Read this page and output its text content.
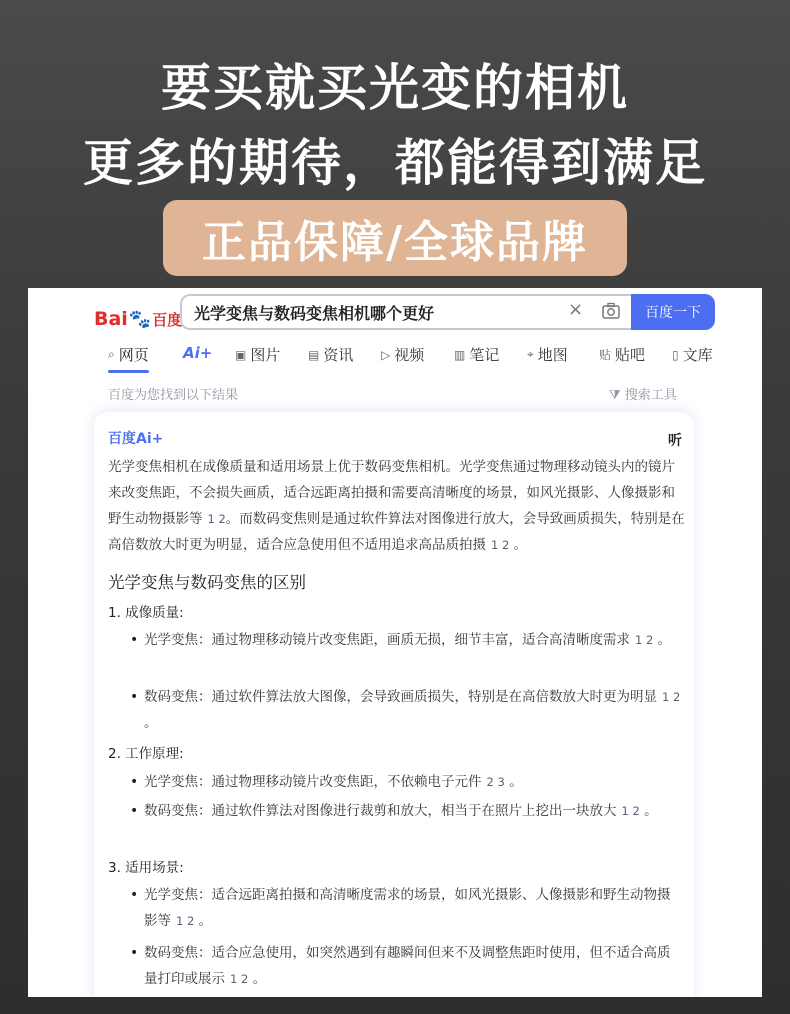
要买就买光变的相机
更多的期待，都能得到满足
正品保障/全球品牌
Bai 🐾 百度 光学变焦与数码变焦相机哪个更好	×	百度一下
⌕ 网页 Ai+ ▣ 图片 ▤ 资讯 ▷ 视频 ▥ 笔记 ⌖ 地图	贴 贴吧 ▯ 文库
百度为您找到以下结果	⧩ 搜索工具
百度Ai+	听
光学变焦相机在成像质量和适用场景上优于数码变焦相机。光学变焦通过物理移动镜头内的镜片来改变焦距，不会损失画质，适合远距离拍摄和需要高清晰度的场景，如风光摄影、人像摄影和野生动物摄影等 1 2。而数码变焦则是通过软件算法对图像进行放大，会导致画质损失，特别是在高倍数放大时更为明显，适合应急使用但不适用追求高品质拍摄 1 2 。
光学变焦与数码变焦的区别
1. 成像质量:
• 光学变焦：通过物理移动镜片改变焦距，画质无损，细节丰富，适合高清晰度需求 1 2 。
• 数码变焦：通过软件算法放大图像，会导致画质损失，特别是在高倍数放大时更为明显 1 2 。
2. 工作原理:
• 光学变焦：通过物理移动镜片改变焦距，不依赖电子元件 2 3 。
• 数码变焦：通过软件算法对图像进行裁剪和放大，相当于在照片上挖出一块放大 1 2 。
3. 适用场景:
• 光学变焦：适合远距离拍摄和高清晰度需求的场景，如风光摄影、人像摄影和野生动物摄影等 1 2 。
• 数码变焦：适合应急使用，如突然遇到有趣瞬间但来不及调整焦距时使用，但不适合高质量打印或展示 1 2 。
